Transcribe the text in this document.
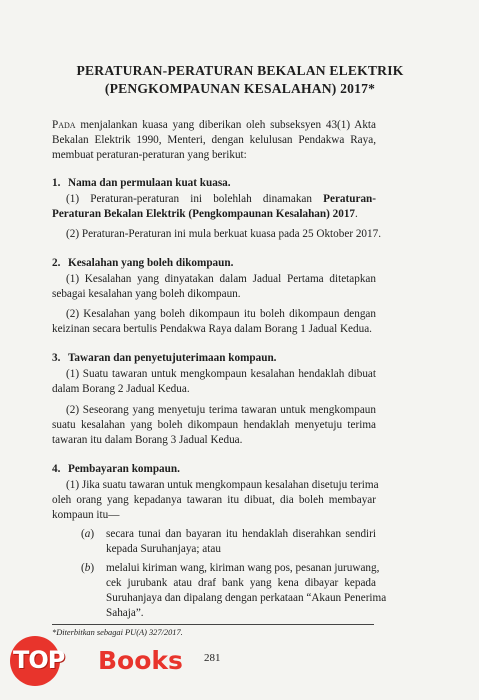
PERATURAN-PERATURAN BEKALAN ELEKTRIK
(PENGKOMPAUNAN KESALAHAN) 2017*
Pada menjalankan kuasa yang diberikan oleh subseksyen 43(1) Akta
Bekalan Elektrik 1990, Menteri, dengan kelulusan Pendakwa Raya,
membuat peraturan-peraturan yang berikut:
1. Nama dan permulaan kuat kuasa.
(1) Peraturan-peraturan ini bolehlah dinamakan Peraturan-
Peraturan Bekalan Elektrik (Pengkompaunan Kesalahan) 2017.
(2) Peraturan-Peraturan ini mula berkuat kuasa pada 25 Oktober 2017.
2. Kesalahan yang boleh dikompaun.
(1) Kesalahan yang dinyatakan dalam Jadual Pertama ditetapkan
sebagai kesalahan yang boleh dikompaun.
(2) Kesalahan yang boleh dikompaun itu boleh dikompaun dengan
keizinan secara bertulis Pendakwa Raya dalam Borang 1 Jadual Kedua.
3. Tawaran dan penyetujuterimaan kompaun.
(1) Suatu tawaran untuk mengkompaun kesalahan hendaklah dibuat
dalam Borang 2 Jadual Kedua.
(2) Seseorang yang menyetuju terima tawaran untuk mengkompaun
suatu kesalahan yang boleh dikompaun hendaklah menyetuju terima
tawaran itu dalam Borang 3 Jadual Kedua.
4. Pembayaran kompaun.
(1) Jika suatu tawaran untuk mengkompaun kesalahan disetuju terima
oleh orang yang kepadanya tawaran itu dibuat, dia boleh membayar
kompaun itu—
(a) secara tunai dan bayaran itu hendaklah diserahkan sendiri
kepada Suruhanjaya; atau
(b) melalui kiriman wang, kiriman wang pos, pesanan juruwang,
cek jurubank atau draf bank yang kena dibayar kepada
Suruhanjaya dan dipalang dengan perkataan “Akaun Penerima
Sahaja”.
*Diterbitkan sebagai PU(A) 327/2017.
TOP Books 281
